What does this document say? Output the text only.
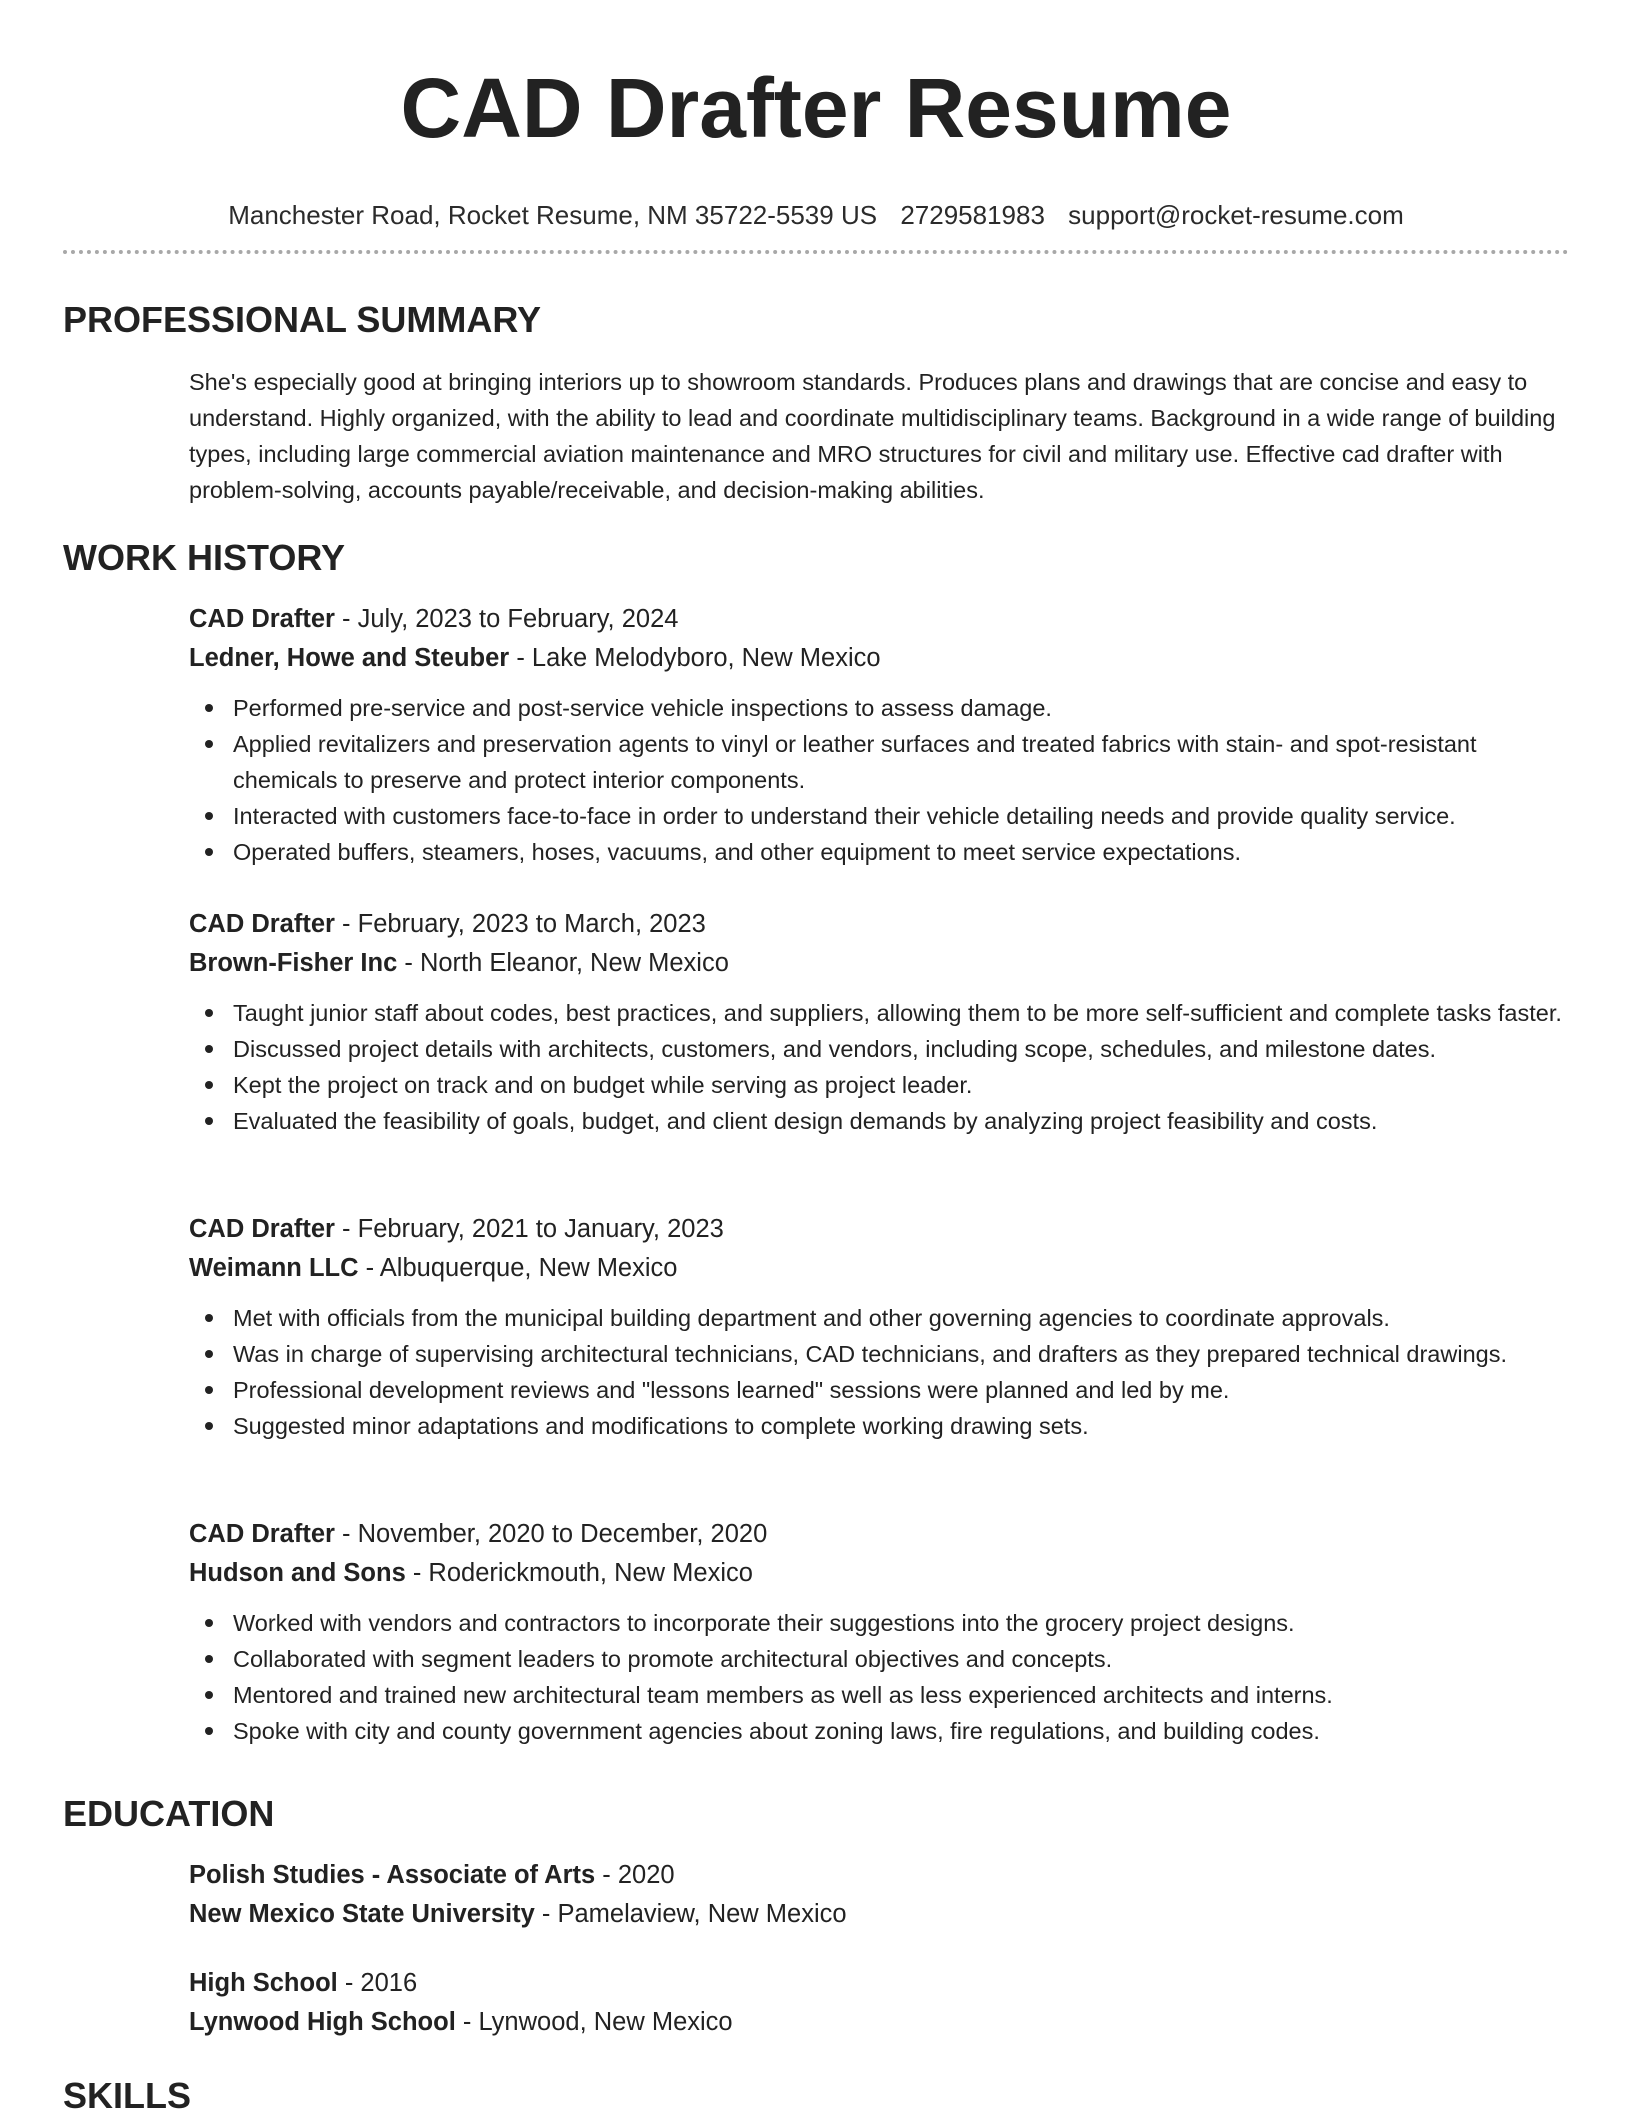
CAD Drafter Resume
Manchester Road, Rocket Resume, NM 35722-5539 US 2729581983 support@rocket-resume.com
PROFESSIONAL SUMMARY
She's especially good at bringing interiors up to showroom standards. Produces plans and drawings that are concise and easy to understand. Highly organized, with the ability to lead and coordinate multidisciplinary teams. Background in a wide range of building types, including large commercial aviation maintenance and MRO structures for civil and military use. Effective cad drafter with problem-solving, accounts payable/receivable, and decision-making abilities.
WORK HISTORY
CAD Drafter - July, 2023 to February, 2024
Ledner, Howe and Steuber - Lake Melodyboro, New Mexico
Performed pre-service and post-service vehicle inspections to assess damage.
Applied revitalizers and preservation agents to vinyl or leather surfaces and treated fabrics with stain- and spot-resistant chemicals to preserve and protect interior components.
Interacted with customers face-to-face in order to understand their vehicle detailing needs and provide quality service.
Operated buffers, steamers, hoses, vacuums, and other equipment to meet service expectations.
CAD Drafter - February, 2023 to March, 2023
Brown-Fisher Inc - North Eleanor, New Mexico
Taught junior staff about codes, best practices, and suppliers, allowing them to be more self-sufficient and complete tasks faster.
Discussed project details with architects, customers, and vendors, including scope, schedules, and milestone dates.
Kept the project on track and on budget while serving as project leader.
Evaluated the feasibility of goals, budget, and client design demands by analyzing project feasibility and costs.
CAD Drafter - February, 2021 to January, 2023
Weimann LLC - Albuquerque, New Mexico
Met with officials from the municipal building department and other governing agencies to coordinate approvals.
Was in charge of supervising architectural technicians, CAD technicians, and drafters as they prepared technical drawings.
Professional development reviews and "lessons learned" sessions were planned and led by me.
Suggested minor adaptations and modifications to complete working drawing sets.
CAD Drafter - November, 2020 to December, 2020
Hudson and Sons - Roderickmouth, New Mexico
Worked with vendors and contractors to incorporate their suggestions into the grocery project designs.
Collaborated with segment leaders to promote architectural objectives and concepts.
Mentored and trained new architectural team members as well as less experienced architects and interns.
Spoke with city and county government agencies about zoning laws, fire regulations, and building codes.
EDUCATION
Polish Studies - Associate of Arts - 2020
New Mexico State University - Pamelaview, New Mexico
High School - 2016
Lynwood High School - Lynwood, New Mexico
SKILLS
